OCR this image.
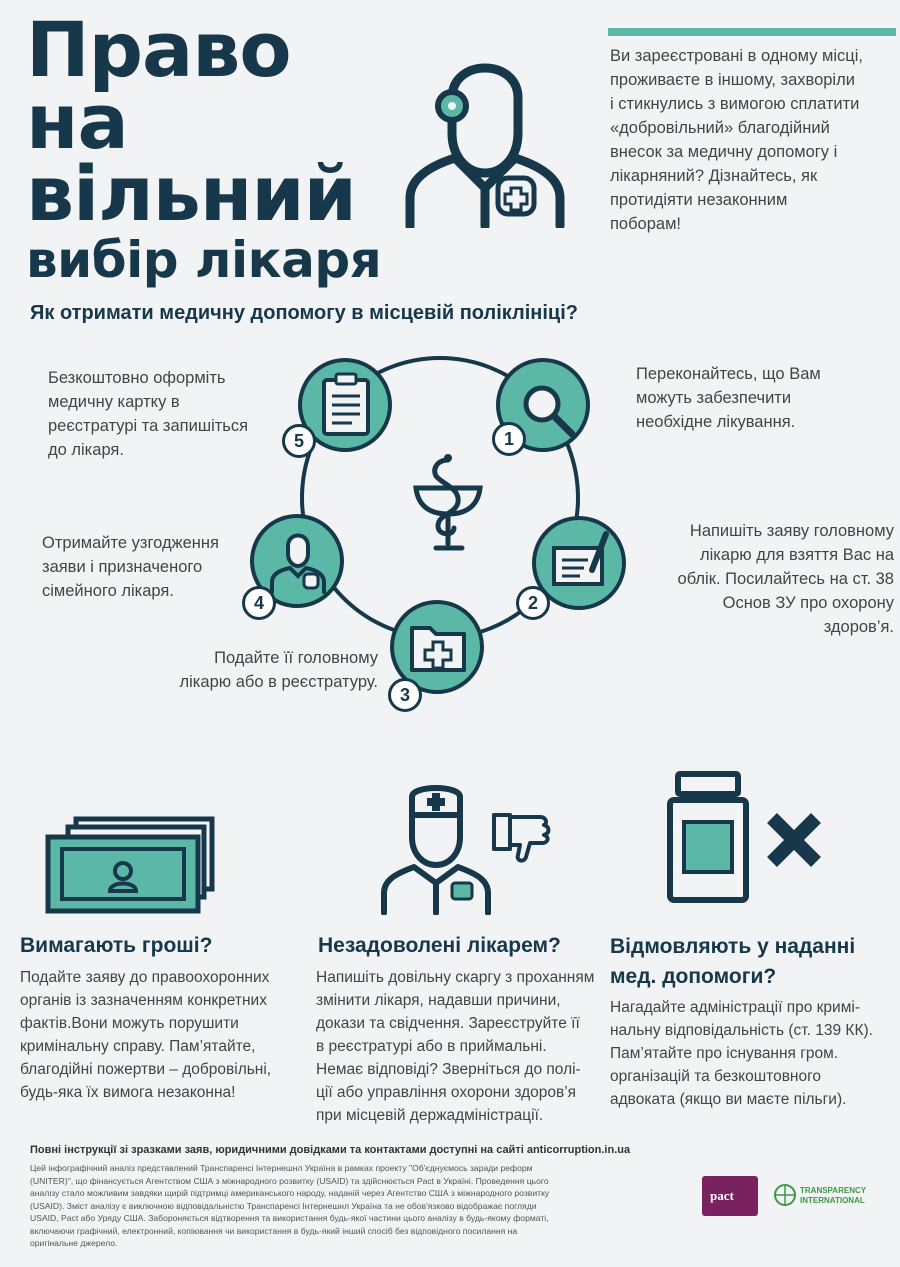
Право на
вільний
вибір лікаря
Ви зареєстровані в одному місці,
проживаєте в іншому, захворіли
і стикнулись з вимогою сплатити
«добровільний» благодійний
внесок за медичну допомогу і
лікарняний? Дізнайтесь, як
протидіяти незаконним
поборам!
Як отримати медичну допомогу в місцевій поліклініці?
1
Переконайтесь, що Вам
можуть забезпечити
необхідне лікування.
2
Напишіть заяву головному
лікарю для взяття Вас на
облік. Посилайтесь на ст. 38
Основ ЗУ про охорону
здоров’я.
3
Подайте її головному
лікарю або в реєстратуру.
4
Отримайте узгодження
заяви і призначеного
сімейного лікаря.
5
Безкоштовно оформіть
медичну картку в
реєстратурі та запишіться
до лікаря.
Вимагають гроші?
Подайте заяву до правоохоронних
органів із зазначенням конкретних
фактів.Вони можуть порушити
кримінальну справу. Пам’ятайте,
благодійні пожертви – добровільні,
будь-яка їх вимога незаконна!
Незадоволені лікарем?
Напишіть довільну скаргу з проханням
змінити лікаря, надавши причини,
докази та свідчення. Зареєструйте її
в реєстратурі або в приймальні.
Немає відповіді? Зверніться до полі-
ції або управління охорони здоров’я
при місцевій держадміністрації.
Відмовляють у наданні
мед. допомоги?
Нагадайте адміністрації про кримі-
нальну відповідальність (ст. 139 КК).
Пам’ятайте про існування гром.
організацій та безкоштовного
адвоката (якщо ви маєте пільги).
Повні інструкції зі зразками заяв, юридичними довідками та контактами доступні на сайті anticorruption.in.ua
Цей інфографічний аналіз представлений Транспаренсі Інтернешнл Україна в рамках проекту "Об'єднуємось заради реформ
(UNITER)", що фінансується Агентством США з міжнародного розвитку (USAID) та здійснюється Pact в Україні. Проведення цього
аналізу стало можливим завдяки щирій підтримці американського народу, наданій через Агентство США з міжнародного розвитку
(USAID). Зміст аналізу є виключною відповідальністю Транспаренсі Інтернешнл Україна та не обов'язково відображає погляди
USAID, Pact або Уряду США. Забороняється відтворення та використання будь-якої частини цього аналізу в будь-якому форматі,
включаючи графічний, електронний, копіювання чи використання в будь-який інший спосіб без відповідного посилання на
оригінальне джерело.
pact	TRANSPARENCY INTERNATIONAL
